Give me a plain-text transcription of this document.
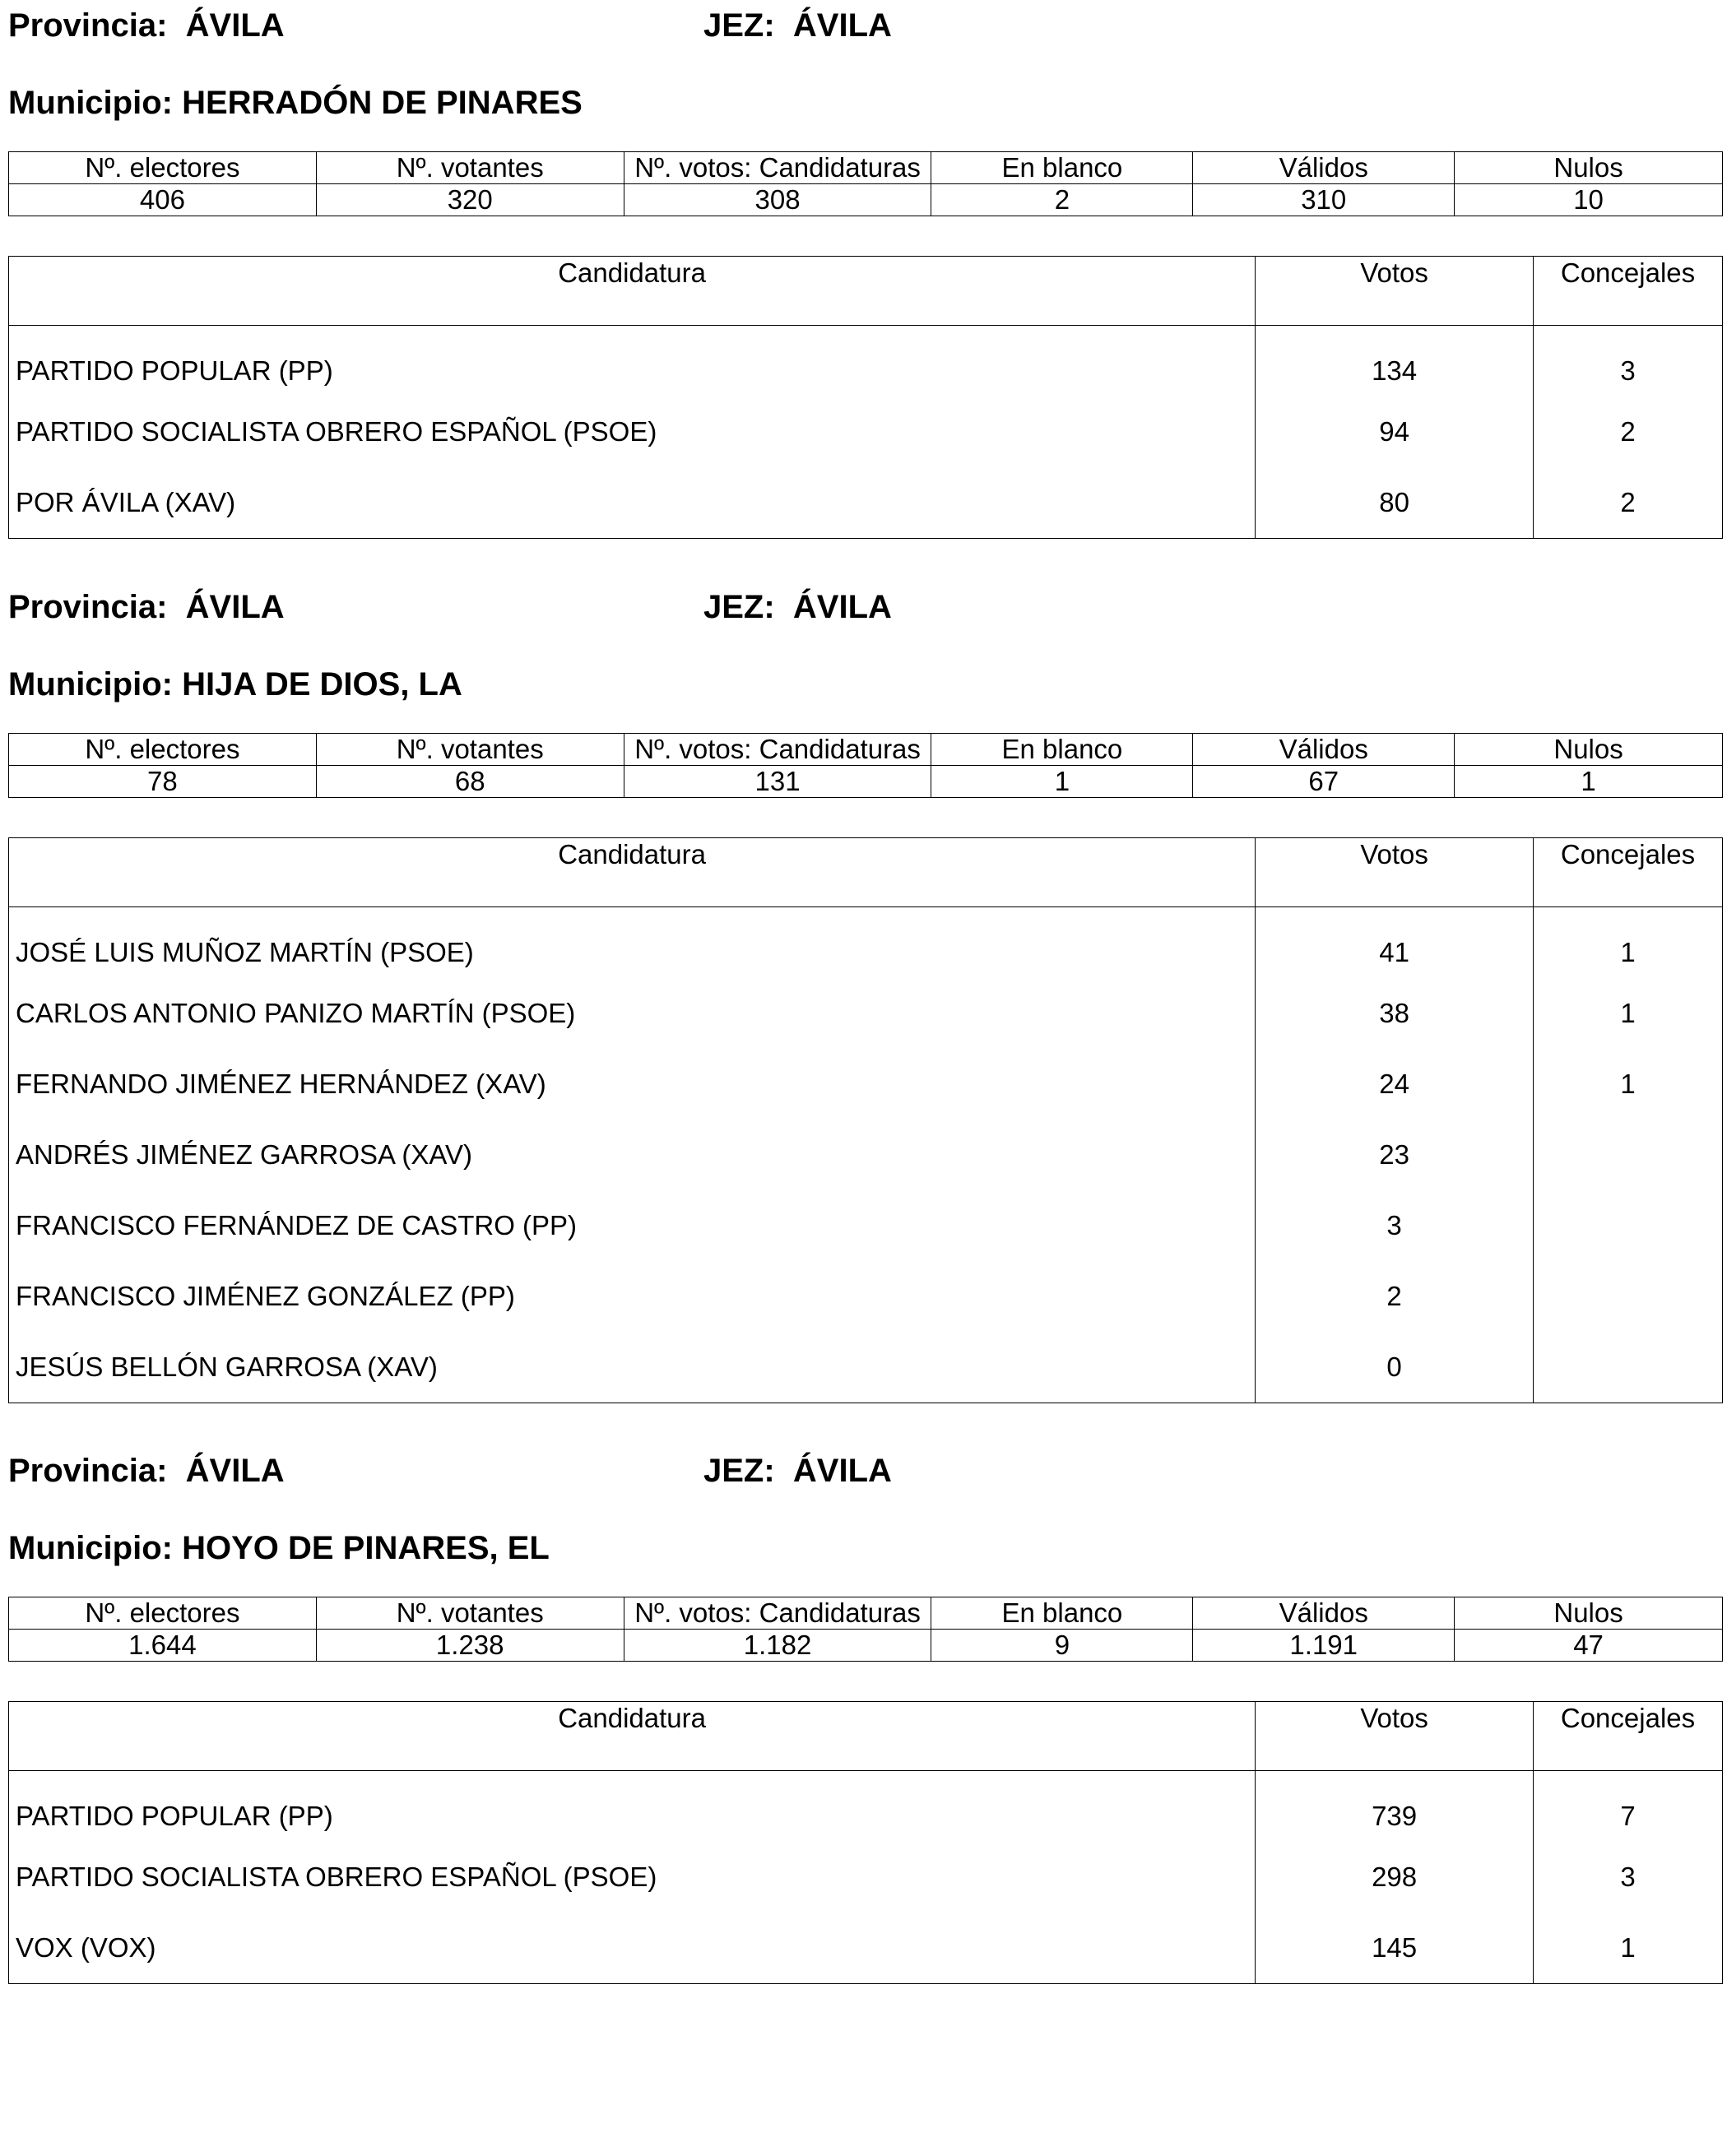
Provincia: ÁVILA	JEZ: ÁVILA
Municipio: HERRADÓN DE PINARES
Nº. electores	Nº. votantes	Nº. votos: Candidaturas	En blanco	Válidos	Nulos
406	320	308	2	310	10
Candidatura	Votos	Concejales
PARTIDO POPULAR (PP)	134	3
PARTIDO SOCIALISTA OBRERO ESPAÑOL (PSOE)	94	2
POR ÁVILA (XAV)	80	2
Provincia: ÁVILA	JEZ: ÁVILA
Municipio: HIJA DE DIOS, LA
Nº. electores	Nº. votantes	Nº. votos: Candidaturas	En blanco	Válidos	Nulos
78	68	131	1	67	1
Candidatura	Votos	Concejales
JOSÉ LUIS MUÑOZ MARTÍN (PSOE)	41	1
CARLOS ANTONIO PANIZO MARTÍN (PSOE)	38	1
FERNANDO JIMÉNEZ HERNÁNDEZ (XAV)	24	1
ANDRÉS JIMÉNEZ GARROSA (XAV)	23	
FRANCISCO FERNÁNDEZ DE CASTRO (PP)	3	
FRANCISCO JIMÉNEZ GONZÁLEZ (PP)	2	
JESÚS BELLÓN GARROSA (XAV)	0	
Provincia: ÁVILA	JEZ: ÁVILA
Municipio: HOYO DE PINARES, EL
Nº. electores	Nº. votantes	Nº. votos: Candidaturas	En blanco	Válidos	Nulos
1.644	1.238	1.182	9	1.191	47
Candidatura	Votos	Concejales
PARTIDO POPULAR (PP)	739	7
PARTIDO SOCIALISTA OBRERO ESPAÑOL (PSOE)	298	3
VOX (VOX)	145	1
